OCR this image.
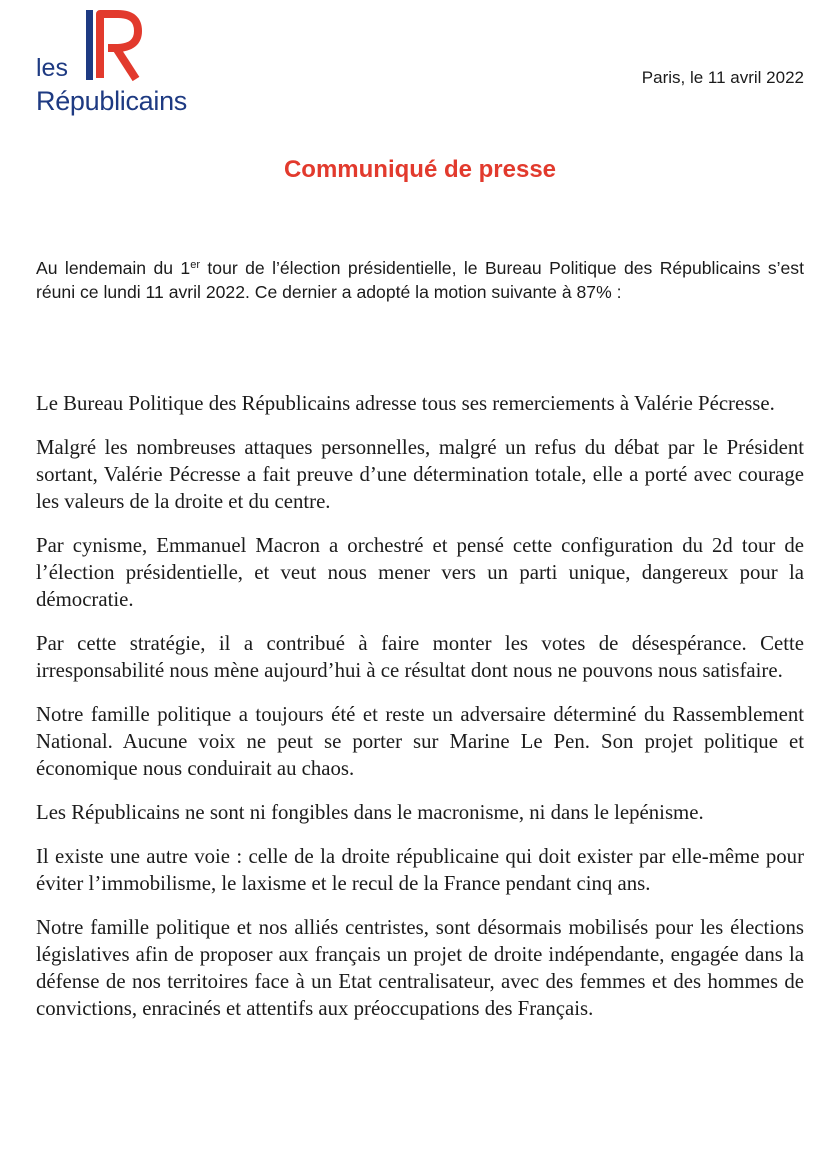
les
Républicains
Paris, le 11 avril 2022
Communiqué de presse

Au lendemain du 1er tour de l’élection présidentielle, le Bureau Politique des Républicains s’est réuni ce lundi 11 avril 2022. Ce dernier a adopté la motion suivante à 87% :

Le Bureau Politique des Républicains adresse tous ses remerciements à Valérie Pécresse.

Malgré les nombreuses attaques personnelles, malgré un refus du débat par le Président sortant, Valérie Pécresse a fait preuve d’une détermination totale, elle a porté avec courage les valeurs de la droite et du centre.

Par cynisme, Emmanuel Macron a orchestré et pensé cette configuration du 2d tour de l’élection présidentielle, et veut nous mener vers un parti unique, dangereux pour la démocratie.

Par cette stratégie, il a contribué à faire monter les votes de désespérance. Cette irresponsabilité nous mène aujourd’hui à ce résultat dont nous ne pouvons nous satisfaire.

Notre famille politique a toujours été et reste un adversaire déterminé du Rassemblement National. Aucune voix ne peut se porter sur Marine Le Pen. Son projet politique et économique nous conduirait au chaos.

Les Républicains ne sont ni fongibles dans le macronisme, ni dans le lepénisme.

Il existe une autre voie : celle de la droite républicaine qui doit exister par elle-même pour éviter l’immobilisme, le laxisme et le recul de la France pendant cinq ans.

Notre famille politique et nos alliés centristes, sont désormais mobilisés pour les élections législatives afin de proposer aux français un projet de droite indépendante, engagée dans la défense de nos territoires face à un Etat centralisateur, avec des femmes et des hommes de convictions, enracinés et attentifs aux préoccupations des Français.
